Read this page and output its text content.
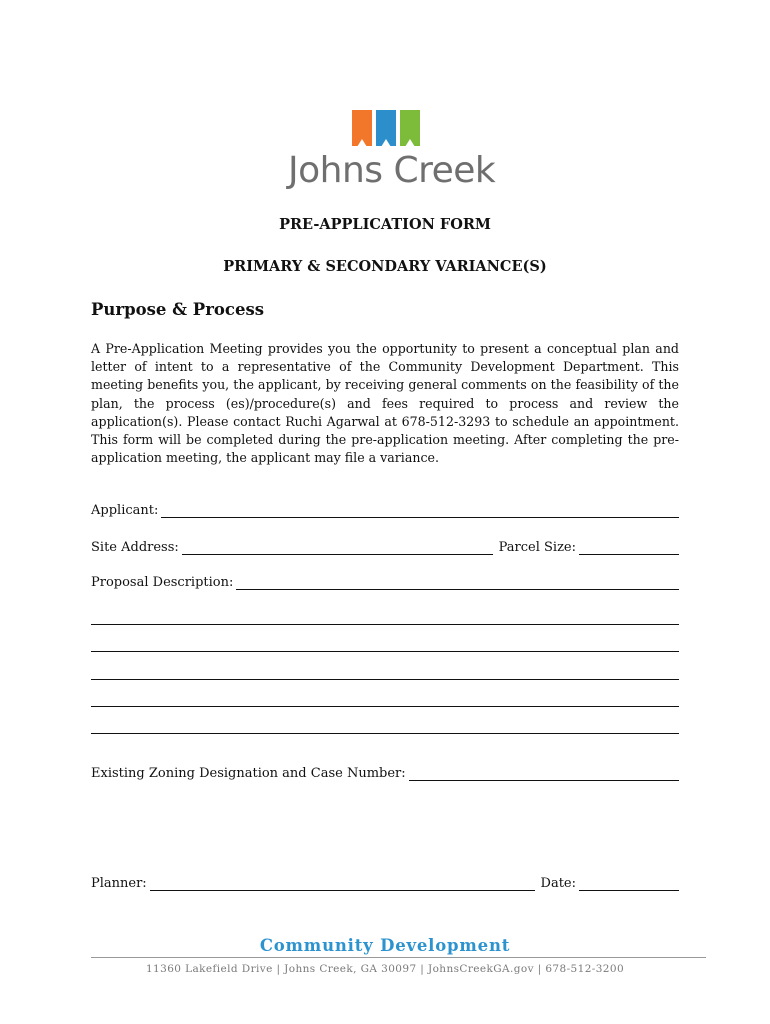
Johns Creek
PRE-APPLICATION FORM
PRIMARY & SECONDARY VARIANCE(S)
Purpose & Process
A Pre-Application Meeting provides you the opportunity to present a conceptual plan and letter of intent to a representative of the Community Development Department. This meeting benefits you, the applicant, by receiving general comments on the feasibility of the plan, the process (es)/procedure(s) and fees required to process and review the application(s). Please contact Ruchi Agarwal at 678-512-3293 to schedule an appointment. This form will be completed during the pre-application meeting. After completing the pre-application meeting, the applicant may file a variance.
Applicant:
Site Address:	Parcel Size:
Proposal Description:
Existing Zoning Designation and Case Number:
Planner:	Date:
Community Development
11360 Lakefield Drive | Johns Creek, GA 30097 | JohnsCreekGA.gov | 678-512-3200
